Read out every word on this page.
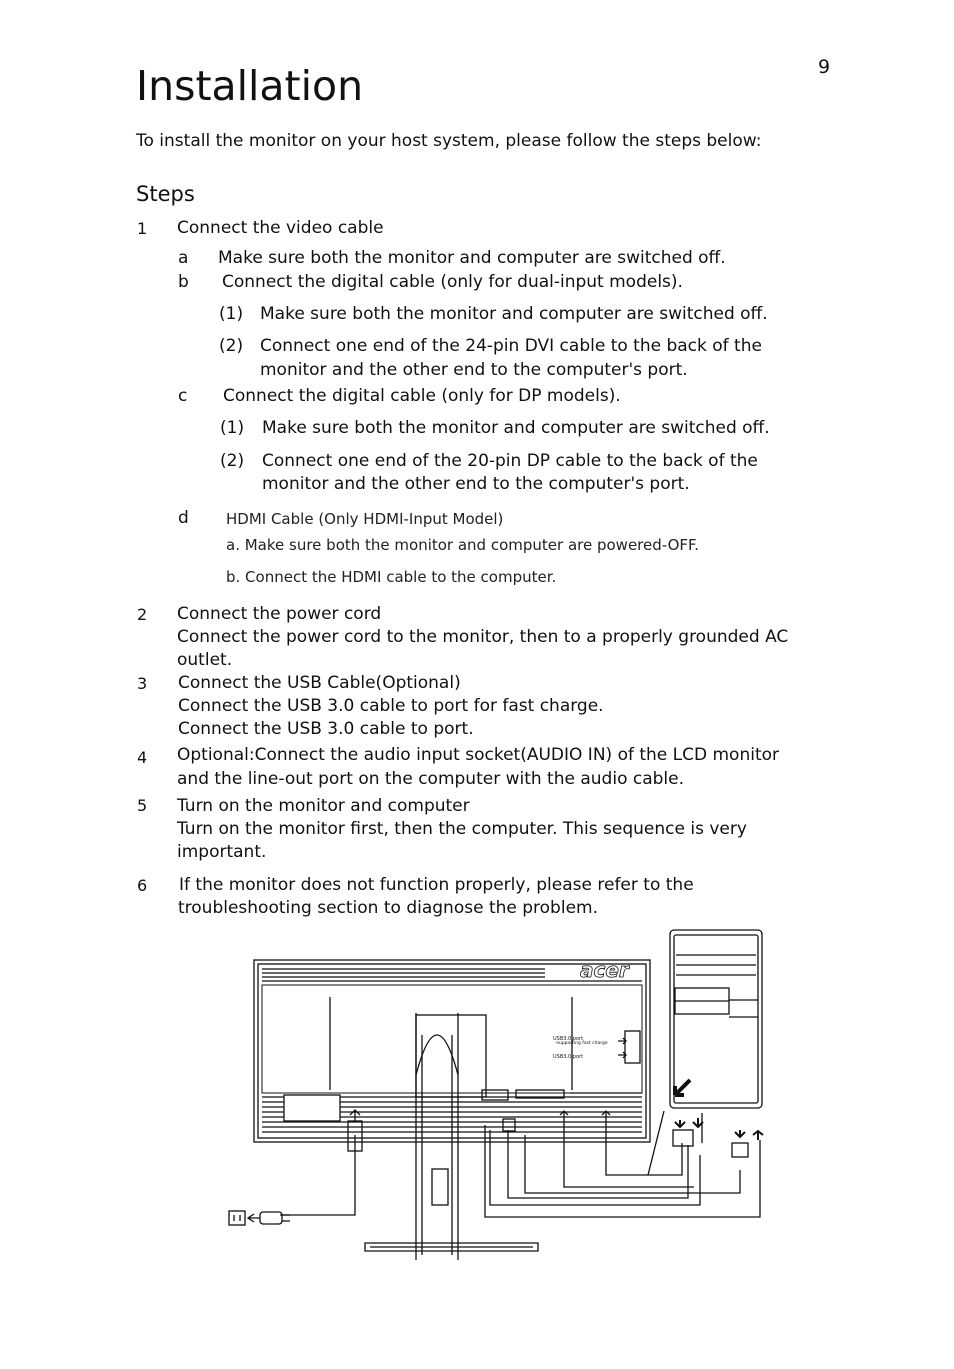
9
Installation
To install the monitor on your host system, please follow the steps below:
Steps
1 Connect the video cable
a Make sure both the monitor and computer are switched off.
b Connect the digital cable (only for dual-input models).
(1) Make sure both the monitor and computer are switched off.
(2) Connect one end of the 24-pin DVI cable to the back of the
monitor and the other end to the computer's port.
c Connect the digital cable (only for DP models).
(1) Make sure both the monitor and computer are switched off.
(2) Connect one end of the 20-pin DP cable to the back of the
monitor and the other end to the computer's port.
d HDMI Cable (Only HDMI-Input Model)
a. Make sure both the monitor and computer are powered-OFF.
b. Connect the HDMI cable to the computer.
2 Connect the power cord
Connect the power cord to the monitor, then to a properly grounded AC
outlet.
3 Connect the USB Cable(Optional)
Connect the USB 3.0 cable to port for fast charge.
Connect the USB 3.0 cable to port.
4 Optional:Connect the audio input socket(AUDIO IN) of the LCD monitor
and the line-out port on the computer with the audio cable.
5 Turn on the monitor and computer
Turn on the monitor first, then the computer. This sequence is very
important.
6 If the monitor does not function properly, please refer to the
troubleshooting section to diagnose the problem.
acer
USB3.0 port
-supporting fast charge
USB3.0 port
